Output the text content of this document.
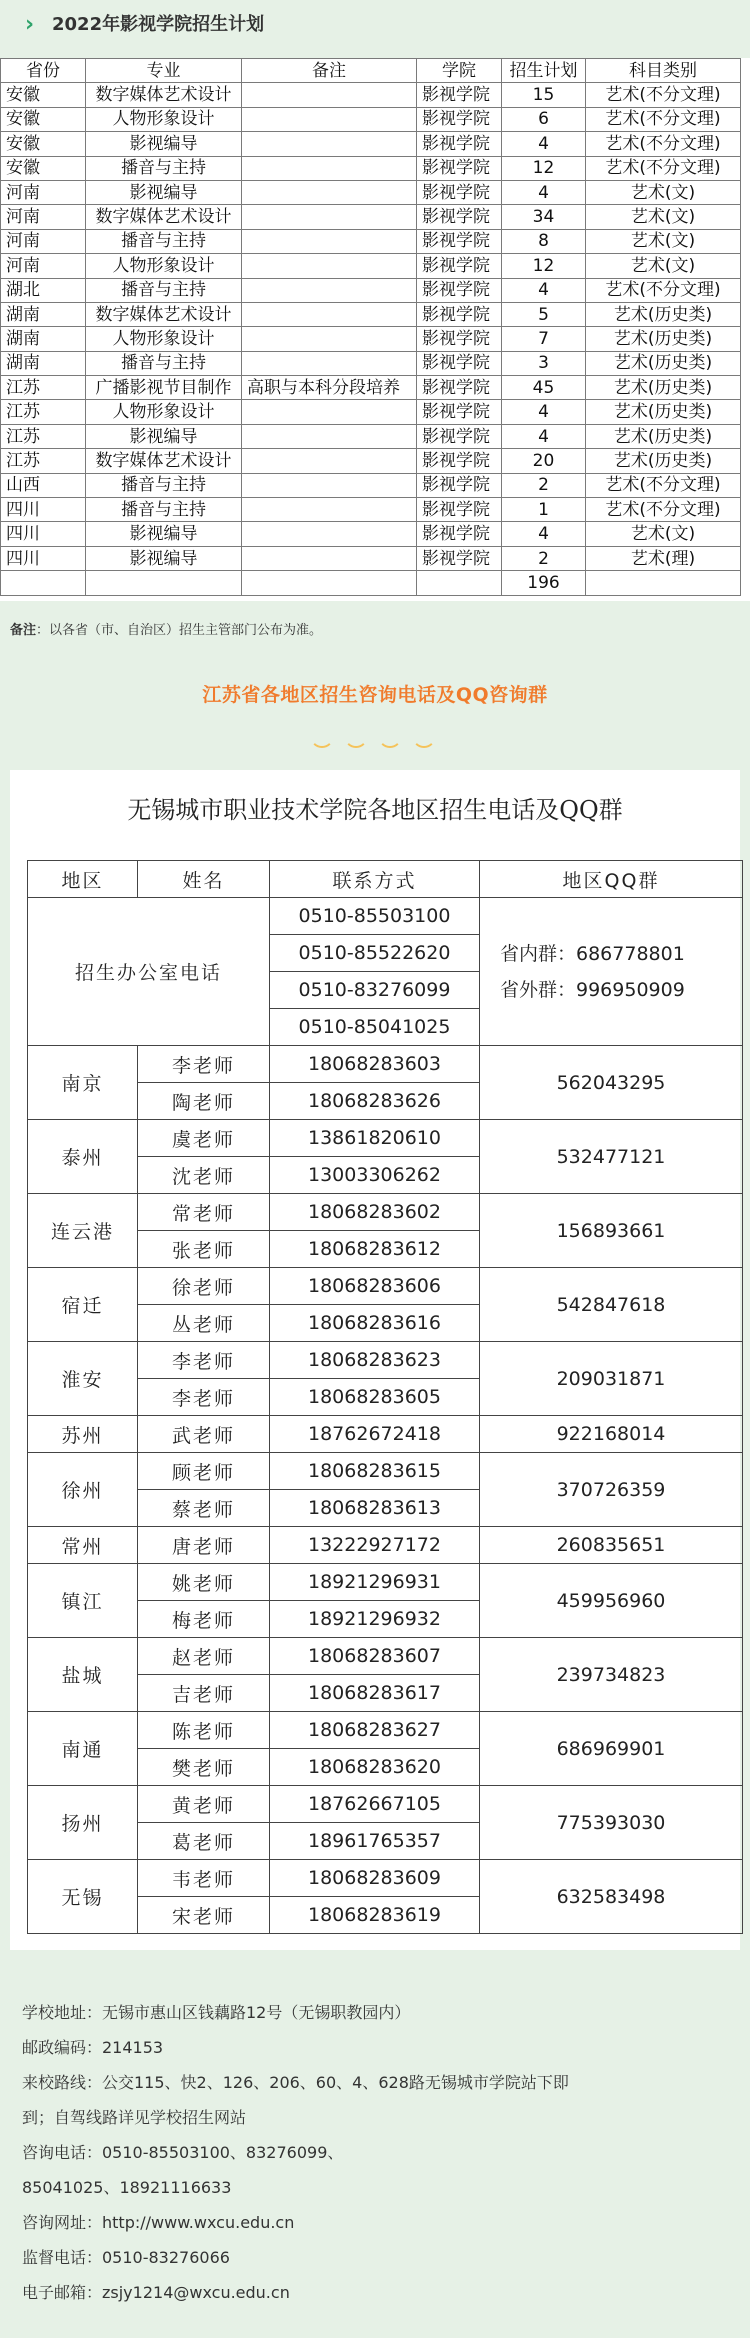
› 2022年影视学院招生计划
省份	专业	备注	学院	招生计划	科目类别
安徽	数字媒体艺术设计		影视学院	15	艺术(不分文理)
安徽	人物形象设计		影视学院	6	艺术(不分文理)
安徽	影视编导		影视学院	4	艺术(不分文理)
安徽	播音与主持		影视学院	12	艺术(不分文理)
河南	影视编导		影视学院	4	艺术(文)
河南	数字媒体艺术设计		影视学院	34	艺术(文)
河南	播音与主持		影视学院	8	艺术(文)
河南	人物形象设计		影视学院	12	艺术(文)
湖北	播音与主持		影视学院	4	艺术(不分文理)
湖南	数字媒体艺术设计		影视学院	5	艺术(历史类)
湖南	人物形象设计		影视学院	7	艺术(历史类)
湖南	播音与主持		影视学院	3	艺术(历史类)
江苏	广播影视节目制作	高职与本科分段培养	影视学院	45	艺术(历史类)
江苏	人物形象设计		影视学院	4	艺术(历史类)
江苏	影视编导		影视学院	4	艺术(历史类)
江苏	数字媒体艺术设计		影视学院	20	艺术(历史类)
山西	播音与主持		影视学院	2	艺术(不分文理)
四川	播音与主持		影视学院	1	艺术(不分文理)
四川	影视编导		影视学院	4	艺术(文)
四川	影视编导		影视学院	2	艺术(理)
				196	
备注：以各省（市、自治区）招生主管部门公布为准。
江苏省各地区招生咨询电话及QQ咨询群
无锡城市职业技术学院各地区招生电话及QQ群
地区	姓名	联系方式	地区QQ群
招生办公室电话		0510-85503100	省内群：686778801
省外群：996950909

		0510-85522620	
		0510-83276099	
		0510-85041025	
南京	李老师	18068283603	562043295
	陶老师	18068283626	
泰州	虞老师	13861820610	532477121
	沈老师	13003306262	
连云港	常老师	18068283602	156893661
	张老师	18068283612	
宿迁	徐老师	18068283606	542847618
	丛老师	18068283616	
淮安	李老师	18068283623	209031871
	李老师	18068283605	
苏州	武老师	18762672418	922168014
徐州	顾老师	18068283615	370726359
	蔡老师	18068283613	
常州	唐老师	13222927172	260835651
镇江	姚老师	18921296931	459956960
	梅老师	18921296932	
盐城	赵老师	18068283607	239734823
	吉老师	18068283617	
南通	陈老师	18068283627	686969901
	樊老师	18068283620	
扬州	黄老师	18762667105	775393030
	葛老师	18961765357	
无锡	韦老师	18068283609	632583498
	宋老师	18068283619	
学校地址：无锡市惠山区钱藕路12号（无锡职教园内）
邮政编码：214153
来校路线：公交115、快2、126、206、60、4、628路无锡城市学院站下即
到；自驾线路详见学校招生网站
咨询电话：0510-85503100、83276099、
85041025、18921116633
咨询网址：http://www.wxcu.edu.cn
监督电话：0510-83276066
电子邮箱：zsjy1214@wxcu.edu.cn
